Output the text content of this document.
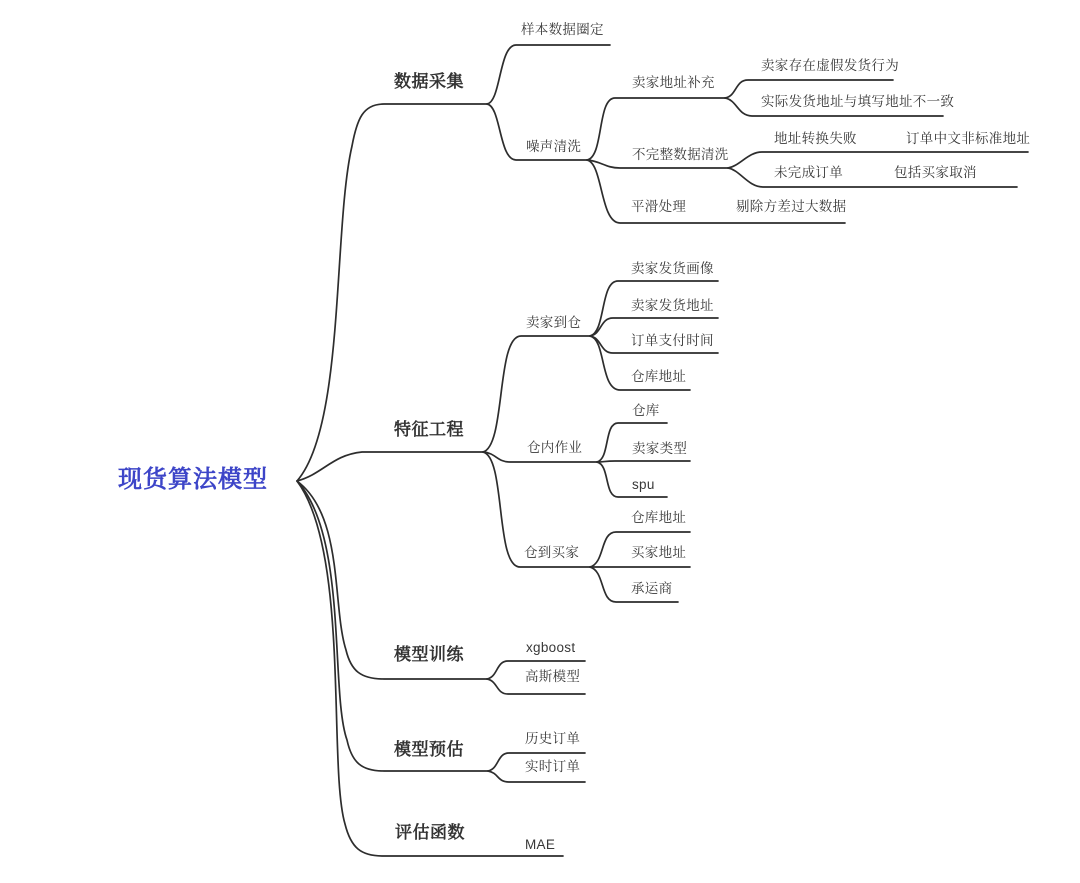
现货算法模型
数据采集
特征工程
模型训练
模型预估
评估函数
样本数据圈定
噪声清洗
卖家地址补充
卖家存在虚假发货行为
实际发货地址与填写地址不一致
不完整数据清洗
地址转换失败	订单中文非标准地址
未完成订单	包括买家取消
平滑处理	剔除方差过大数据
卖家到仓
卖家发货画像
卖家发货地址
订单支付时间
仓库地址
仓内作业
仓库
卖家类型
spu
仓到买家
仓库地址
买家地址
承运商
xgboost
高斯模型
历史订单
实时订单
MAE
